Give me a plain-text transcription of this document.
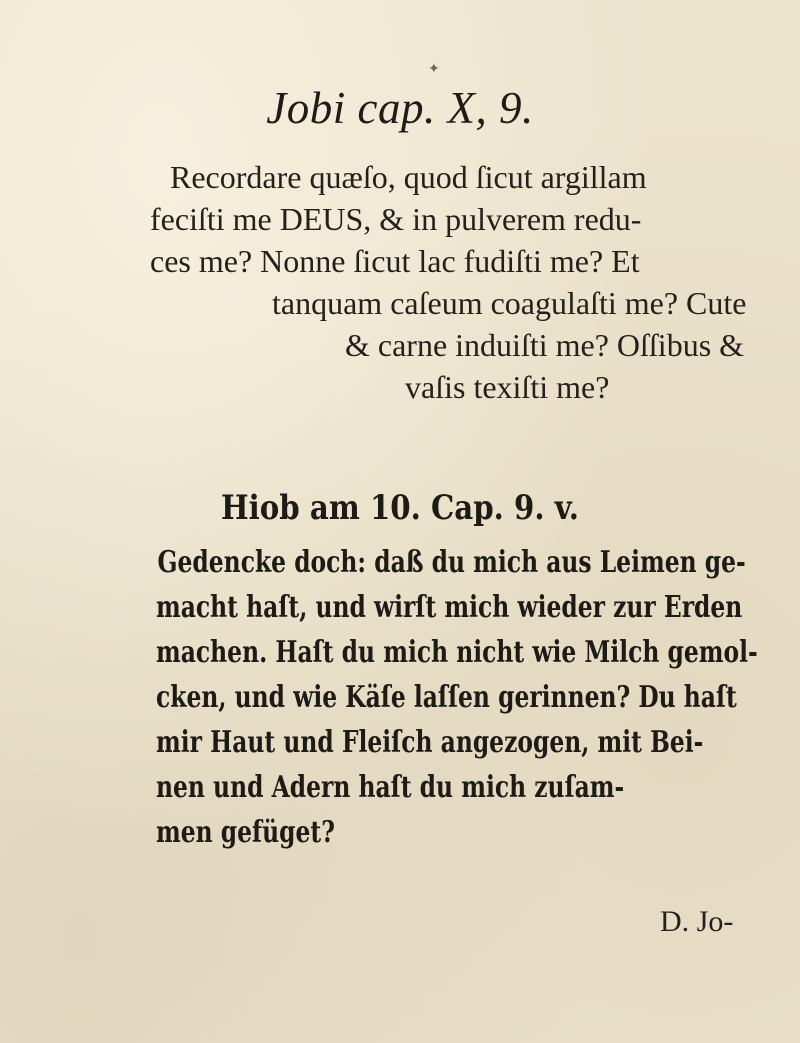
✦
Jobi cap. X, 9.
Recordare quæſo, quod ſicut argillam
feciſti me DEUS, & in pulverem redu-
ces me? Nonne ſicut lac fudiſti me? Et
tanquam caſeum coagulaſti me? Cute
& carne induiſti me? Oſſibus &
vaſis texiſti me?
Hiob am 10. Cap. 9. v.
Gedencke doch: daß du mich aus Leimen ge-
macht haſt, und wirſt mich wieder zur Erden
machen. Haſt du mich nicht wie Milch gemol-
cken, und wie Käſe laſſen gerinnen? Du haſt
mir Haut und Fleiſch angezogen, mit Bei-
nen und Adern haſt du mich zuſam-
men gefüget?
D. Jo-
